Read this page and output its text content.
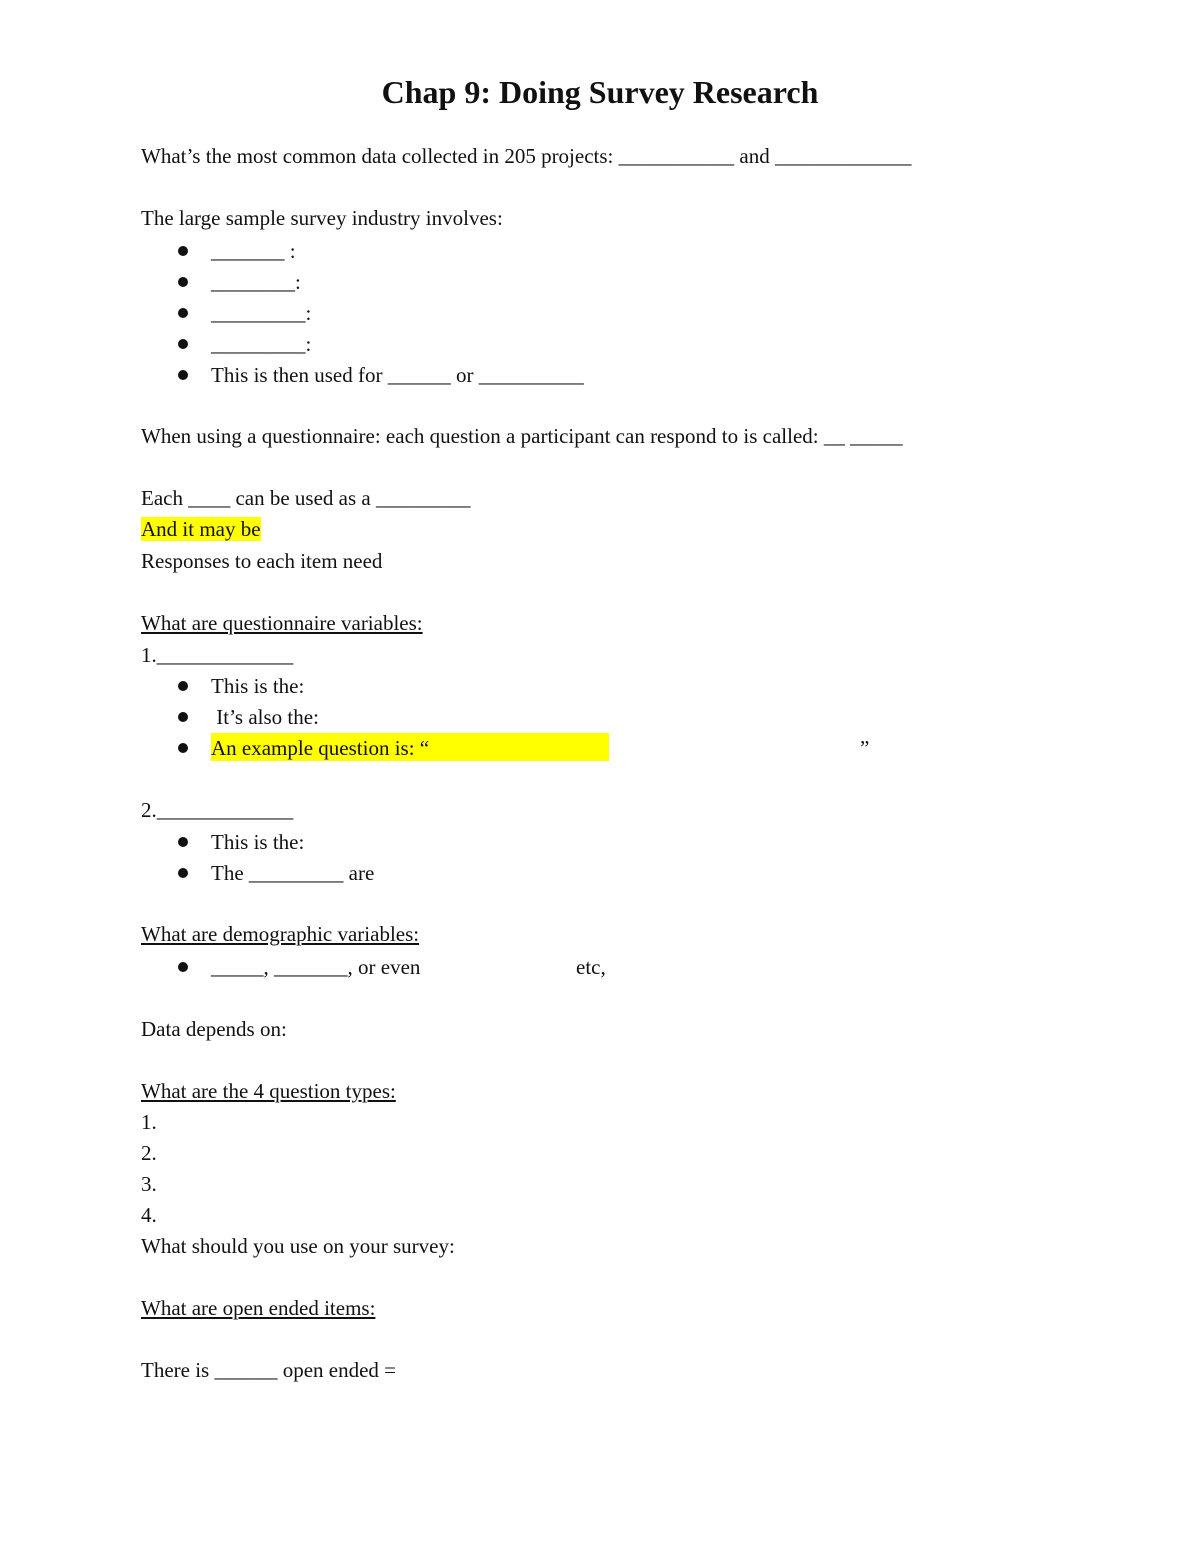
Chap 9: Doing Survey Research

What’s the most common data collected in 205 projects: ___________ and _____________

The large sample survey industry involves:

_______ :

________:

_________:

_________:

This is then used for ______ or __________

When using a questionnaire: each question a participant can respond to is called: __ _____

Each ____ can be used as a _________

And it may be

Responses to each item need

What are questionnaire variables:

1._____________

This is the:

It’s also the:

An example question is: “	”

2._____________

This is the:

The _________ are

What are demographic variables:

_____, _______, or even	etc,

Data depends on:

What are the 4 question types:

1.

2.

3.

4.

What should you use on your survey:

What are open ended items:

There is ______ open ended =
